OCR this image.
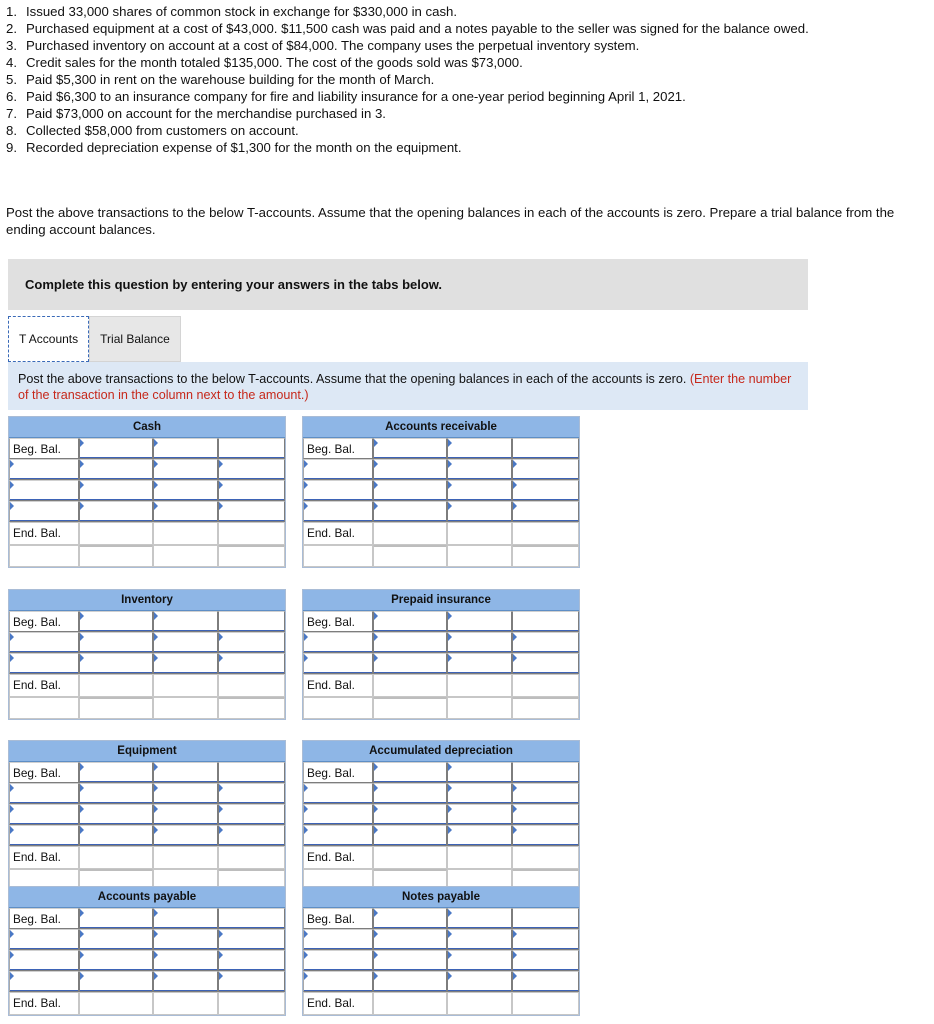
1. Issued 33,000 shares of common stock in exchange for $330,000 in cash.
2. Purchased equipment at a cost of $43,000. $11,500 cash was paid and a notes payable to the seller was signed for the balance owed.
3. Purchased inventory on account at a cost of $84,000. The company uses the perpetual inventory system.
4. Credit sales for the month totaled $135,000. The cost of the goods sold was $73,000.
5. Paid $5,300 in rent on the warehouse building for the month of March.
6. Paid $6,300 to an insurance company for fire and liability insurance for a one-year period beginning April 1, 2021.
7. Paid $73,000 on account for the merchandise purchased in 3.
8. Collected $58,000 from customers on account.
9. Recorded depreciation expense of $1,300 for the month on the equipment.
Post the above transactions to the below T-accounts. Assume that the opening balances in each of the accounts is zero. Prepare a trial balance from the ending account balances.
Complete this question by entering your answers in the tabs below.
T Accounts	Trial Balance
Post the above transactions to the below T-accounts. Assume that the opening balances in each of the accounts is zero. (Enter the number of the transaction in the column next to the amount.)
Cash
Beg. Bal.
End. Bal.
Accounts receivable
Beg. Bal.
End. Bal.
Inventory
Beg. Bal.
End. Bal.
Prepaid insurance
Beg. Bal.
End. Bal.
Equipment
Beg. Bal.
End. Bal.
Accumulated depreciation
Beg. Bal.
End. Bal.
Accounts payable
Beg. Bal.
End. Bal.
Notes payable
Beg. Bal.
End. Bal.
